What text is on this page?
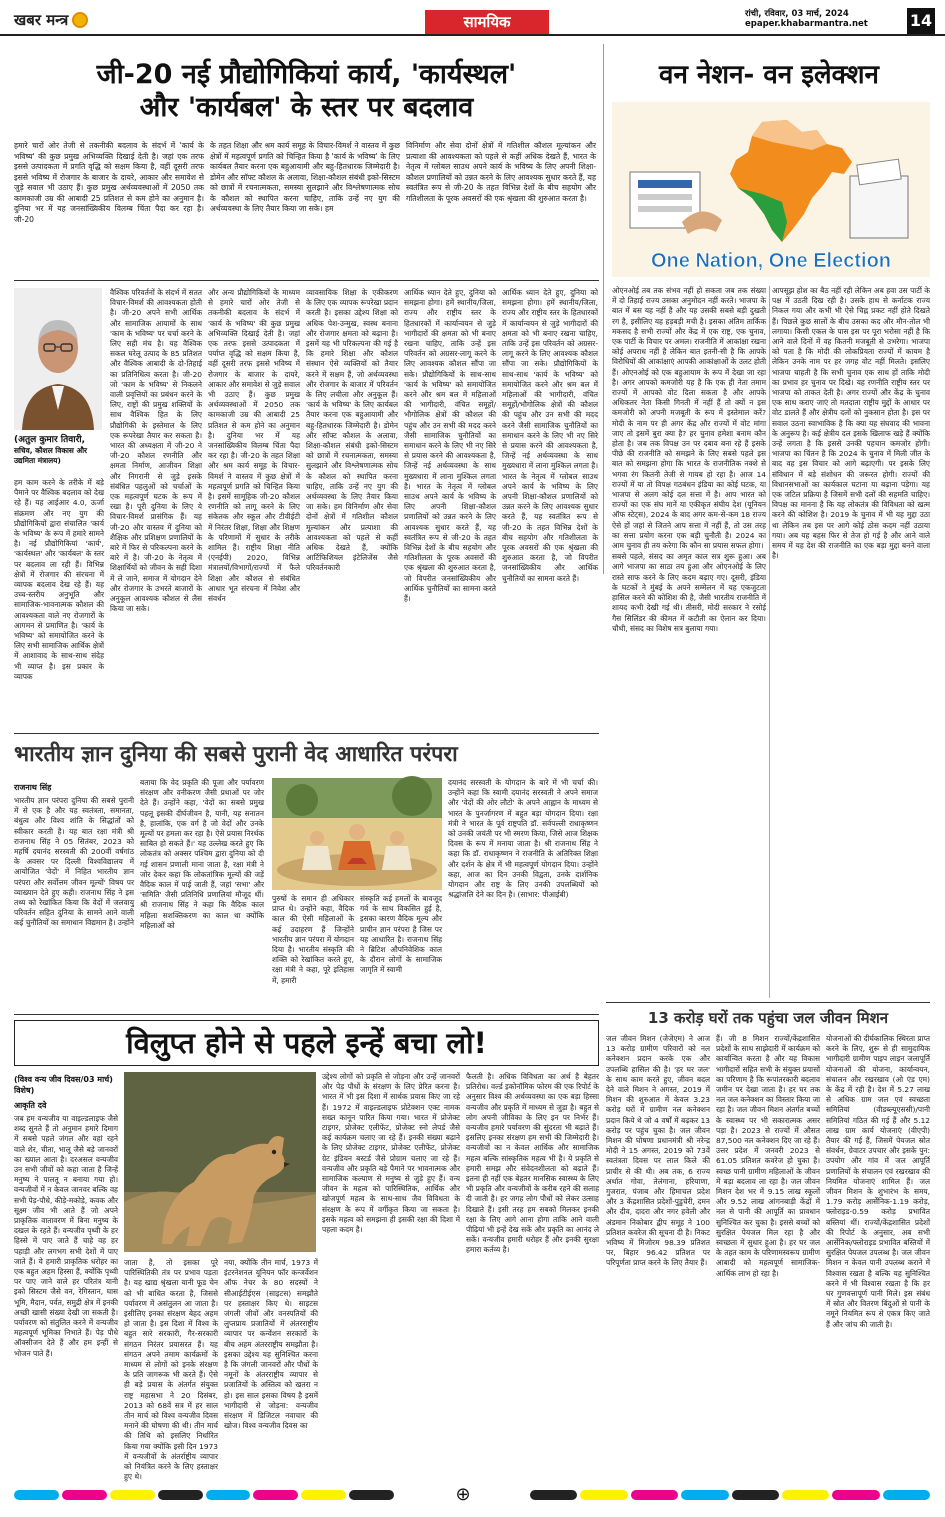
खबर मन्त्र	सामयिक	रांची, रविवार, 03 मार्च, 2024
epaper.khabarmantra.net	14
जी-20 नई प्रौद्योगिकियां कार्य, 'कार्यस्थल'
और 'कार्यबल' के स्तर पर बदलाव
हमारे चारों ओर तेजी से तकनीकी बदलाव के संदर्भ में 'कार्य के भविष्य' की कुछ प्रमुख अभिव्यक्ति दिखाई देती है। जहां एक तरफ इससे उत्पादकता में प्रगति वृद्धि को सक्षम किया है, वहीं दूसरी तरफ इससे भविष्य में रोजगार के बाजार के दायरे, आकार और समावेश से जुड़े सवाल भी उठाए हैं। कुछ प्रमुख अर्थव्यवस्थाओं में 2050 तक कामकाजी उम्र की आबादी 25 प्रतिशत से कम होने का अनुमान है। दुनिया भर में यह जनसांख्यिकीय विलम्ब चिंता पैदा कर रहा है। जी-20
के तहत शिक्षा और श्रम कार्य समूह के विचार-विमर्श ने वास्तव में कुछ क्षेत्रों में महत्वपूर्ण प्रगति को चिन्हित किया है 'कार्य के भविष्य' के लिए कार्यबल तैयार करना एक बहुआयामी और बहु-हितधारक जिम्मेदारी है। डोमेन और सॉफ्ट कौशल के अलावा, शिक्षा-कौशल संबंधी इको-सिस्टम को छात्रों में रचनात्मकता, समस्या सुलझाने और विश्लेषणात्मक सोच के कौशल को स्थापित करना चाहिए, ताकि उन्हें नए युग की अर्थव्यवस्था के लिए तैयार किया जा सके। हम
विनिर्माण और सेवा दोनों क्षेत्रों में गतिशील कौशल मूल्यांकन और प्रत्याशा की आवश्यकता को पहले से कहीं अधिक देखते हैं, भारत के नेतृत्व में ग्लोबल साउथ अपने कार्य के भविष्य के लिए अपनी शिक्षा-कौशल प्रणालियों को उन्नत करने के लिए आवश्यक सुधार करते हैं, यह स्वतंत्रित रूप से जी-20 के तहत विभिन्न देशों के बीच सहयोग और गतिशीलता के पूरक अवसरों की एक श्रृंखला की शुरुआत करता है।
(अतुल कुमार तिवारी,
सचिव, कौशल विकास और उद्यमिता मंत्रालय)
हम काम करने के तरीके में बड़े पैमाने पर वैश्विक बदलाव को देख रहे हैं। यह आईआर 4.0, ऊर्जा संक्रमण और नए युग की प्रौद्योगिकियों द्वारा संचालित 'कार्य के भविष्य' के रूप में हमारे सामने है। नई प्रौद्योगिकियां 'कार्य', 'कार्यस्थल' और 'कार्यबल' के स्तर पर बदलाव ला रही हैं। विभिन्न क्षेत्रों में रोजगार की संरचना में व्यापक बदलाव देख रहे हैं। यह उच्च-स्तरीय अनुभूति और सामाजिक-भावनात्मक कौशल की आवश्यकता वाले नए रोजगारों के आगमन से प्रमाणित है। 'कार्य के भविष्य' को समायोजित करने के लिए सभी सामाजिक आर्थिक क्षेत्रों में आशावाद के साथ-साथ संदेह भी व्याप्त है। इस प्रकार के व्यापक
वैश्विक परिवर्तनों के संदर्भ में सतत विचार-विमर्श की आवश्यकता होती है। जी-20 अपने सभी आर्थिक और सामाजिक आयामों के साथ 'काम के भविष्य' पर चर्चा करने के लिए सही मंच है। यह वैश्विक सकल घरेलू उत्पाद के 85 प्रतिशत और वैश्विक आबादी के दो-तिहाई का प्रतिनिधित्व करता है। जी-20 जो 'काम के भविष्य' से निकलने वाली प्रवृत्तियों का प्रबंधन करने के लिए, राष्ट्रों की प्रमुख शक्तियों के साथ वैश्विक हित के लिए प्रौद्योगिकी के इस्तेमाल के लिए एक रूपरेखा तैयार कर सकता है। भारत की अध्यक्षता में जी-20 ने जी-20 कौशल रणनीति और क्षमता निर्माण, आजीवन शिक्षा और निगरानी से जुड़े इसके संबंधित पहलुओं को चर्चाओं के एक महत्वपूर्ण घटक के रूप में रखा है। पूरी दुनिया के लिए ये विचार-विमर्श प्रासंगिक हैं। यह जी-20 और वास्तव में दुनिया को शैक्षिक और प्रशिक्षण प्रणालियों के बारे में फिर से परिकल्पना करने के बारे में है। जी-20 के नेतृत्व में शिक्षार्थियों को जीवन के सही दिशा में ले जाने, समाज में योगदान देने और रोजगार के उभरते बाजारों के अनुकूल आवश्यक कौशल से लैस किया जा सके।
और अन्य प्रौद्योगिकियों के माध्यम से हमारे चारों ओर तेजी से तकनीकी बदलाव के संदर्भ में 'कार्य के भविष्य' की कुछ प्रमुख अभिव्यक्ति दिखाई देती है। जहां एक तरफ इससे उत्पादकता में पर्याप्त वृद्धि को सक्षम किया है, वहीं दूसरी तरफ इससे भविष्य में रोजगार के बाजार के दायरे, आकार और समावेश से जुड़े सवाल भी उठाए हैं। कुछ प्रमुख अर्थव्यवस्थाओं में 2050 तक कामकाजी उम्र की आबादी 25 प्रतिशत से कम होने का अनुमान है। दुनिया भर में यह जनसांख्यिकीय विलम्ब चिंता पैदा कर रहा है। जी-20 के तहत शिक्षा और श्रम कार्य समूह के विचार-विमर्श ने वास्तव में कुछ क्षेत्रों में महत्वपूर्ण प्रगति को चिन्हित किया है। इसमें सामूहिक जी-20 कौशल रणनीति को लागू करने के लिए संकेतक और स्कूल और टीवीईटी में निरंतर शिक्षा, शिक्षा और शिक्षण के परिणामों में सुधार के तरीके शामिल हैं। राष्ट्रीय शिक्षा नीति (एनईपी) 2020, विभिन्न मंत्रालयों/विभागों/राज्यों में फैले शिक्षा और कौशल से संबंधित आधार भूत संरचना में निवेश और संवर्धन
व्यावसायिक शिक्षा के एकीकरण के लिए एक व्यापक रूपरेखा प्रदान करती है। इसका उद्देश्य शिक्षा को अधिक पेश-उन्मुख, स्वस्थ बनाना और रोजगार क्षमता को बढ़ाना है। इसमें यह भी परिकल्पना की गई है कि हमारे शिक्षा और कौशल संस्थान ऐसे व्यक्तियों को तैयार करने में सक्षम हैं, जो अर्थव्यवस्था और रोजगार के बाजार में परिवर्तन के लिए लचीला और अनुकूल हैं। 'कार्य के भविष्य' के लिए कार्यबल तैयार करना एक बहुआयामी और बहु-हितधारक जिम्मेदारी है। डोमेन और सॉफ्ट कौशल के अलावा, शिक्षा-कौशल संबंधी इको-सिस्टम को छात्रों में रचनात्मकता, समस्या सुलझाने और विश्लेषणात्मक सोच के कौशल को स्थापित करना चाहिए, ताकि उन्हें नए युग की अर्थव्यवस्था के लिए तैयार किया जा सके। हम विनिर्माण और सेवा दोनों क्षेत्रों में गतिशील कौशल मूल्यांकन और प्रत्याशा की आवश्यकता को पहले से कहीं अधिक देखते हैं, क्योंकि आर्टिफिशियल इंटेलिजेंस जैसे परिवर्तनकारी
आर्थिक ध्यान देते हुए, दुनिया को समझना होगा। हमें स्थानीय/जिला, राज्य और राष्ट्रीय स्तर के हितधारकों में कार्यान्वयन से जुड़े भागीदारों की क्षमता को भी बनाए रखना चाहिए, ताकि उन्हें इस परिवर्तन को अग्रसर-लागू करने के लिए आवश्यक कौशल सौंपा जा सके। प्रौद्योगिकियों के साथ-साथ 'कार्य के भविष्य' को समायोजित करने और श्रम बल में महिलाओं की भागीदारी, वंचित समूहों/भौगोलिक क्षेत्रों की कौशल की पहुंच और उन सभी की मदद करने जैसी सामाजिक चुनौतियों का समाधान करने के लिए भी नए सिरे से प्रयास करने की आवश्यकता है, जिन्हें नई अर्थव्यवस्था के साथ मुख्यधारा में लाना मुश्किल लगता है। भारत के नेतृत्व में ग्लोबल साउथ अपने कार्य के भविष्य के लिए अपनी शिक्षा-कौशल प्रणालियों को उन्नत करने के लिए आवश्यक सुधार करते हैं, यह स्वतंत्रित रूप से जी-20 के तहत विभिन्न देशों के बीच सहयोग और गतिशीलता के पूरक अवसरों की एक श्रृंखला की शुरुआत करता है, जो विपरीत जनसांख्यिकीय और आर्थिक चुनौतियों का सामना करते हैं।
आर्थिक ध्यान देते हुए, दुनिया को समझना होगा। हमें स्थानीय/जिला, राज्य और राष्ट्रीय स्तर के हितधारकों में कार्यान्वयन से जुड़े भागीदारों की क्षमता को भी बनाए रखना चाहिए, ताकि उन्हें इस परिवर्तन को अग्रसर-लागू करने के लिए आवश्यक कौशल सौंपा जा सके। प्रौद्योगिकियों के साथ-साथ 'कार्य के भविष्य' को समायोजित करने और श्रम बल में महिलाओं की भागीदारी, वंचित समूहों/भौगोलिक क्षेत्रों की कौशल की पहुंच और उन सभी की मदद करने जैसी सामाजिक चुनौतियों का समाधान करने के लिए भी नए सिरे से प्रयास करने की आवश्यकता है, जिन्हें नई अर्थव्यवस्था के साथ मुख्यधारा में लाना मुश्किल लगता है। भारत के नेतृत्व में ग्लोबल साउथ अपने कार्य के भविष्य के लिए अपनी शिक्षा-कौशल प्रणालियों को उन्नत करने के लिए आवश्यक सुधार करते हैं, यह स्वतंत्रित रूप से जी-20 के तहत विभिन्न देशों के बीच सहयोग और गतिशीलता के पूरक अवसरों की एक श्रृंखला की शुरुआत करता है, जो विपरीत जनसांख्यिकीय और आर्थिक चुनौतियों का सामना करते हैं।
वन नेशन- वन इलेक्शन
One Nation, One Election
ओएनओई तब तक संभव नहीं हो सकता जब तक संख्या में दो तिहाई राज्य उसका अनुमोदन नहीं करते। भाजपा के बात में बस यह नहीं है और यह उसकी सबसे बड़ी दुखती रग है, इसीलिए यह हड़बड़ी मची है। इसका अंतिम तार्किक मकसद है सभी राज्यों और केंद्र में एक राष्ट्र, एक चुनाव, एक पार्टी के विचार पर अमल। राजनीति में आकांक्षा रखना कोई अपराध नहीं है लेकिन बात इतनी-सी है कि आपके विरोधियों की आकांक्षाएं आपकी आकांक्षाओं के उलट होती हैं। ओएनओई को एक बहुआयाम के रूप में देखा जा रहा है। अगर आपको कमजोरी यह है कि एक ही नेता तमाम राज्यों में आपको वोट दिला सकता है और आपके अधिकतर नेता किसी गिनती में नहीं हैं तो क्यों न इस कमजोरी को अपनी मजबूती के रूप में इस्तेमाल करें? मोदी के नाम पर ही अगर केंद्र और राज्यों में वोट मांगा जाए तो इसमें बुरा क्या है? हर चुनाव हमेशा बनाम कौन होता है। जब तक विपक्ष उन पर दबाव बना रहे हैं इसके पीछे की राजनीति को समझने के लिए सबसे पहले इस बात को समझना होगा कि भारत के राजनीतिक नक्शे से भगवा रंग कितनी तेजी से गायब हो रहा है। आज 14 राज्यों में या तो विपक्ष गठबंधन इंडिया का कोई घटक, या भाजपा से अलग कोई दल सत्ता में है। आप भारत को राज्यों का एक संघ मानें या एकीकृत संघीय देश (यूनियन ऑफ स्टेट्स), 2024 के बाद अगर कम-से-कम 18 राज्य ऐसे हों जहां से जितने आप सत्ता में नहीं हैं, तो उस तरह का सत्ता प्रयोग करना एक बड़ी चुनौती है। 2024 का आम चुनाव ही तय करेगा कि कौन सा प्रयास सफल होगा।
सबसे पहले, संसद का अमृत काल सत्र शुरू हुआ। अब आगे भाजपा का साठा तय हुआ और ओएनओई के लिए रास्ते साफ करने के लिए कदम बढ़ाए गए। दूसरी, इंडिया के घटकों ने मुंबई के अपने सम्मेलन में यह एकजुटता हासिल करने की कोशिश की है, जैसी भारतीय राजनीति में शायद कभी देखी गई थी। तीसरी, मोदी सरकार ने रसोई गैस सिलिंडर की कीमत में कटौती का ऐलान कर दिया। चौथी, संसद का विशेष सत्र बुलाया गया।
आपसूझ होश का बैठ नहीं रही लेकिन अब हवा उस पार्टी के पक्ष में उठती दिख रही है। उसके हाथ से कर्नाटक राज्य निकल गया और कभी भी ऐसे चिह्न प्रकट नहीं होते दिखते हैं। पिछले कुछ सालों के बीच उसका कद और मौन-तोल भी लगाया। किसी एकल के पास इस पर पूरा भरोसा नहीं है कि आने वाले दिनों में वह कितनी मजबूती से उभरेगा। भाजपा को पता है कि मोदी की लोकप्रियता राज्यों में कायम है लेकिन उनके नाम पर हर जगह वोट नहीं मिलते। इसलिए भाजपा चाहती है कि सभी चुनाव एक साथ हों ताकि मोदी का प्रभाव हर चुनाव पर दिखे। यह रणनीति राष्ट्रीय स्तर पर भाजपा को ताकत देती है। अगर राज्यों और केंद्र के चुनाव एक साथ कराए जाएं तो मतदाता राष्ट्रीय मुद्दों के आधार पर वोट डालते हैं और क्षेत्रीय दलों को नुकसान होता है। इस पर सवाल उठना स्वाभाविक है कि क्या यह संघवाद की भावना के अनुरूप है। कई क्षेत्रीय दल इसके खिलाफ खड़े हैं क्योंकि उन्हें लगता है कि इससे उनकी पहचान कमजोर होगी। भाजपा का चिंतन है कि 2024 के चुनाव में मिली जीत के बाद वह इस विचार को आगे बढ़ाएगी। पर इसके लिए संविधान में बड़े संशोधन की जरूरत होगी। राज्यों की विधानसभाओं का कार्यकाल घटाना या बढ़ाना पड़ेगा। यह एक जटिल प्रक्रिया है जिसमें सभी दलों की सहमति चाहिए। विपक्ष का मानना है कि यह लोकतंत्र की विविधता को खत्म करने की कोशिश है। 2019 के चुनाव में भी यह मुद्दा उठा था लेकिन तब इस पर आगे कोई ठोस कदम नहीं उठाया गया। अब यह बहस फिर से तेज हो गई है और आने वाले समय में यह देश की राजनीति का एक बड़ा मुद्दा बनने वाला है।
भारतीय ज्ञान दुनिया की सबसे पुरानी वेद आधारित परंपरा
राजनाथ सिंह
भारतीय ज्ञान परंपरा दुनिया की सबसे पुरानी में से एक है और यह स्वतंत्रता, समानता, बंधुत्व और विश्व शांति के सिद्धांतों को स्वीकार करती है। यह बात रक्षा मंत्री श्री राजनाथ सिंह ने 05 सितंबर, 2023 को महर्षि दयानंद सरस्वती की 200वीं वर्षगांठ के अवसर पर दिल्ली विश्वविद्यालय में आयोजित 'वेदों' में निहित भारतीय ज्ञान परंपरा और सर्वोत्तम जीवन मूल्यों' विषय पर व्याख्यान देते हुए कही। राजनाथ सिंह ने इस तथ्य को रेखांकित किया कि वेदों में जलवायु परिवर्तन सहित दुनिया के सामने आने वाली कई चुनौतियों का समाधान विद्यमान है। उन्होंने
बताया कि वेद प्रकृति की पूजा और पर्यावरण संरक्षण और वनीकरण जैसी प्रथाओं पर जोर देते हैं। उन्होंने कहा, 'वेदों का सबसे प्रमुख पहलू इसकी दीर्घजीवन है, यानी, यह सनातन है, हालांकि, एक वर्ग है जो वेदों और उनके मूल्यों पर हमला कर रहा है। ऐसे प्रयास निरर्थक साबित हो सकते हैं।' यह उल्लेख करते हुए कि लोकतंत्र को अक्सर पश्चिम द्वारा दुनिया को दी गई शासन प्रणाली माना जाता है, रक्षा मंत्री ने जोर देकर कहा कि लोकतांत्रिक मूल्यों की जड़ें वैदिक काल में पाई जाती हैं, जहां 'सभा' और 'समिति' जैसी प्रतिनिधि प्रणालियां मौजूद थीं। श्री राजनाथ सिंह ने कहा कि वैदिक काल महिला सशक्तिकरण का काल था क्योंकि महिलाओं को
पुरुषों के समान ही अधिकार प्राप्त थे। उन्होंने कहा, वैदिक काल की ऐसी महिलाओं के कई उदाहरण हैं जिन्होंने भारतीय ज्ञान परंपरा में योगदान दिया है। भारतीय संस्कृति की शक्ति को रेखांकित करते हुए, रक्षा मंत्री ने कहा, पूरे इतिहास में, हमारी
संस्कृति कई हमलों के बावजूद गर्व के साथ विकसित हुई है, इसका कारण वैदिक मूल्य और प्राचीन ज्ञान परंपरा है जिस पर यह आधारित है। राजनाथ सिंह ने ब्रिटिश औपनिवेशिक काल के दौरान लोगों के सामाजिक जागृति में स्वामी
दयानंद सरस्वती के योगदान के बारे में भी चर्चा की। उन्होंने कहा कि स्वामी दयानंद सरस्वती ने अपने समाज और 'वेदों की ओर लौटो' के अपने आह्वान के माध्यम से भारत के पुनर्जागरण में बहुत बड़ा योगदान दिया। रक्षा मंत्री ने भारत के पूर्व राष्ट्रपति डॉ. सर्वपल्ली राधाकृष्णन को उनकी जयंती पर भी स्मरण किया, जिसे आज शिक्षक दिवस के रूप में मनाया जाता है। श्री राजनाथ सिंह ने कहा कि डॉ. राधाकृष्णन ने राजनीति के अतिरिक्त शिक्षा और दर्शन के क्षेत्र में भी महत्वपूर्ण योगदान दिया। उन्होंने कहा, आज का दिन उनकी विद्वता, उनके दार्शनिक योगदान और राष्ट्र के लिए उनकी उपलब्धियों को श्रद्धांजलि देने का दिन है। (साभार: पीआईबी)
13 करोड़ घरों तक पहुंचा जल जीवन मिशन
जल जीवन मिशन (जेजेएम) ने आज 13 करोड़ ग्रामीण परिवारों को नल कनेक्शन प्रदान करके एक और उपलब्धि हासिल की है। 'हर घर जल' के साथ काम करते हुए, जीवन बदल देने वाले मिशन ने अगस्त, 2019 में मिशन की शुरुआत में केवल 3.23 करोड़ घरों में ग्रामीण नल कनेक्शन प्रदान किये थे जो 4 वर्षों में बढ़कर 13 करोड़ पर पहुंच चुका है। जल जीवन मिशन की घोषणा प्रधानमंत्री श्री नरेन्द्र मोदी ने 15 अगस्त, 2019 को 73वें स्वतंत्रता दिवस पर लाल किले की प्राचीर से की थी। अब तक, 6 राज्य अर्थात गोवा, तेलंगाना, हरियाणा, गुजरात, पंजाब और हिमाचल प्रदेश और 3 केंद्रशासित प्रदेशों-पुडुचेरी, दमन और दीव, दादरा और नगर हवेली और अंडमान निकोबार द्वीप समूह ने 100 प्रतिशत कवरेज की सूचना दी है। निकट भविष्य में मिजोरम 98.39 प्रतिशत पर, बिहार 96.42 प्रतिशत पर परिपूर्णता प्राप्त करने के लिए तैयार हैं।
हैं। जी 8 मिशन राज्यों/केंद्रशासित प्रदेशों के साथ साझेदारी में कार्यक्रम को कार्यान्वित करता है और यह विकास भागीदारों सहित सभी के संयुक्त प्रयासों का परिणाम है कि रूपांतरकारी बदलाव जमीन पर देखा जाता है। हर घर तक नल जल कनेक्शन का विस्तार किया जा रहा है। जल जीवन मिशन अंतर्गत बच्चों के स्वास्थ्य पर भी सकारात्मक असर पड़ा है। 2023 से राज्यों में औसत 87,500 नल कनेक्शन दिए जा रहे हैं। उत्तर प्रदेश में जनवरी 2023 से 61.05 प्रतिशत कवरेज हो चुका है। स्वच्छ पानी ग्रामीण महिलाओं के जीवन में बड़ा बदलाव ला रहा है। जल जीवन मिशन देश भर में 9.15 लाख स्कूलों और 9.52 लाख आंगनबाड़ी केंद्रों में नल से पानी की आपूर्ति का प्रावधान सुनिश्चित कर चुका है। इससे बच्चों को सुरक्षित पेयजल मिल रहा है और स्वच्छता में सुधार हुआ है। हर घर जल के तहत काम के परिणामस्वरूप ग्रामीण आबादी को महत्वपूर्ण सामाजिक-आर्थिक लाभ हो रहा है।
योजनाओं की दीर्घकालिक स्थिरता प्राप्त करने के लिए, शुरू से ही सामुदायिक भागीदारी ग्रामीण पाइप लाइन जलापूर्ति योजनाओं की योजना, कार्यान्वयन, संचालन और रखरखाव (ओ एंड एम) के केंद्र में रही है। देश में 5.27 लाख से अधिक ग्राम जल एवं स्वच्छता समितियां (वीडब्ल्यूएससी)/पानी समितियां गठित की गई हैं और 5.12 लाख ग्राम कार्य योजनाएं (वीएपी) तैयार की गई हैं, जिसमें पेयजल स्रोत संवर्धन, ग्रेवाटर उपचार और इसके पुन: उपयोग और गांव में जल आपूर्ति प्रणालियों के संचालन एवं रखरखाव की नियमित योजनाएं शामिल हैं। जल जीवन मिशन के शुभारंभ के समय, 1.79 करोड़ आर्सेनिक-1.19 करोड़, फ्लोराइड-0.59 करोड़ प्रभावित बस्तियां थीं। राज्यों/केंद्रशासित प्रदेशों की रिपोर्ट के अनुसार, अब सभी आर्सेनिक/फ्लोराइड प्रभावित बस्तियों में सुरक्षित पेयजल उपलब्ध है। जल जीवन मिशन न केवल पानी उपलब्ध कराने में विश्वास रखता है बल्कि यह सुनिश्चित करने में भी विश्वास रखता है कि हर घर गुणवत्तापूर्ण पानी मिले। इस संबंध में स्रोत और वितरण बिंदुओं से पानी के नमूने नियमित रूप से एकत्र किए जाते हैं और जांच की जाती है।
विलुप्त होने से पहले इन्हें बचा लो!
(विश्व वन्य जीव दिवस/03 मार्च) विशेष)
आकृति दवे
जब हम वन्यजीव या वाइल्डलाइफ जैसे शब्द सुनते हैं तो अनुमान हमारे दिमाग में सबसे पहले जंगल और वहां रहने वाले शेर, चीता, भालू जैसे बड़े जानवरों का ख्याल आता है। दरअसल वन्यजीव उन सभी जीवों को कहा जाता है जिन्हें मनुष्य ने पालतू न बनाया गया हो। वन्यजीवों में न केवल जानवर बल्कि वह सभी पेड़-पौधे, कीड़े-मकोड़े, कवक और सूक्ष्म जीव भी आते हैं जो अपने प्राकृतिक वातावरण में बिना मनुष्य के दखल के रहते हैं। वन्यजीव पृथ्वी के हर हिस्से में पाए जाते हैं चाहे वह हर पहाड़ी और लगभग सभी देशों में पाए जाते हैं। ये हमारी प्राकृतिक धरोहर का एक बहुत अहम हिस्सा हैं, क्योंकि पृथ्वी पर पाए जाने वाले हर परितंत्र यानी इको सिस्टम जैसे वन, रेगिस्तान, घास भूमि, मैदान, पर्वत, समुद्री क्षेत्र में इनकी अच्छी खासी संख्या देखी जा सकती है। पर्यावरण को संतुलित करने में वन्यजीव महत्वपूर्ण भूमिका निभाते हैं। पेड़ पौधे ऑक्सीजन देते हैं और हम इन्हीं से भोजन पाते हैं।
जाता है, तो इसका पूरे पारिस्थितिकी तंत्र पर प्रभाव पड़ता है। यह खाद्य श्रृंखला यानी फूड चेन को भी बाधित करता है, जिससे पर्यावरण में असंतुलन आ जाता है। इसीलिए इनका संरक्षण बेहद अहम हो जाता है। इस दिशा में विश्व के बहुत सारे सरकारी, गैर-सरकारी संगठन निरंतर प्रयासरत हैं। यह संगठन अपने तमाम कार्यक्रमों के माध्यम से लोगों को इनके संरक्षण के प्रति जागरूक भी करते हैं। ऐसे ही बड़े प्रयास के अंतर्गत संयुक्त राष्ट्र महासभा ने 20 दिसंबर, 2013 को 68वें सत्र में हर साल तीन मार्च को विश्व वन्यजीव दिवस मनाने की घोषणा की थी। तीन मार्च की तिथि को इसलिए निर्धारित किया गया क्योंकि इसी दिन 1973 में वन्यजीवों के अंतर्राष्ट्रीय व्यापार को नियंत्रित करने के लिए हस्ताक्षर हुए थे।
नया, क्योंकि तीन मार्च, 1973 में इंटरनेशनल यूनियन फॉर कन्जर्वेशन ऑफ नेचर के 80 सदस्यों ने सीआईटीईएस (साइटस) समझौते पर हस्ताक्षर किए थे। साइटस जंगली जीवों और वनस्पतियों की लुप्तप्राय प्रजातियों में अंतरराष्ट्रीय व्यापार पर कन्वेंशन सरकारों के बीच अहम अंतरराष्ट्रीय समझौता है। इसका उद्देश्य यह सुनिश्चित करना है कि जंगली जानवरों और पौधों के नमूनों के अंतरराष्ट्रीय व्यापार से प्रजातियों के अस्तित्व को खतरा न हो। इस साल इसका विषय है इसमें भागीदारी से जोड़ना: वन्यजीव संरक्षण में डिजिटल नवाचार की खोज। विश्व वन्यजीव दिवस का
उद्देश्य लोगों को प्रकृति से जोड़ना और उन्हें जानवरों और पेड़ पौधों के संरक्षण के लिए प्रेरित करना है। भारत में भी इस दिशा में सार्थक प्रयास किए जा रहे हैं। 1972 में वाइल्डलाइफ प्रोटेक्शन एक्ट नामक सख्त कानून पारित किया गया। भारत में प्रोजेक्ट टाइगर, प्रोजेक्ट एलीफेंट, प्रोजेक्ट स्नो लेपर्ड जैसे कई कार्यक्रम चलाए जा रहे हैं। इनकी संख्या बढ़ाने के लिए प्रोजेक्ट टाइगर, प्रोजेक्ट एलीफेंट, प्रोजेक्ट ग्रेट इंडियन बस्टर्ड जैसे प्रोग्राम चलाए जा रहे हैं। वन्यजीव और प्रकृति बड़े पैमाने पर भावनात्मक और सामाजिक कल्याण से मनुष्य से जुड़े हुए हैं। वन्य जीवन के महत्व को पारिस्थितिक, आर्थिक और खोजपूर्ण महत्व के साथ-साथ जैव विविधता के संरक्षण के रूप में वर्गीकृत किया जा सकता है। इसके महत्व को समझना ही इसकी रक्षा की दिशा में पहला कदम है।
फैलती है। अधिक विविधता का अर्थ है बेहतर प्रतिरोध। वर्ल्ड इकोनॉमिक फोरम की एक रिपोर्ट के अनुसार विश्व की अर्थव्यवस्था का एक बड़ा हिस्सा वन्यजीव और प्रकृति में माध्यम से जुड़ा है। बहुत से लोग अपनी जीविका के लिए इन पर निर्भर हैं। वन्यजीव हमारे पर्यावरण की सुंदरता भी बढ़ाते हैं। इसलिए इनका संरक्षण हम सभी की जिम्मेदारी है। वन्यजीवों का न केवल आर्थिक और सामाजिक महत्व बल्कि सांस्कृतिक महत्व भी है। ये प्रकृति से हमारी समझ और संवेदनशीलता को बढ़ाते हैं। इतना ही नहीं एक बेहतर मानसिक स्वास्थ्य के लिए भी प्रकृति और वन्यजीवों के करीब रहने की सलाह दी जाती है। हर जगह लोग पौधों को लेकर उत्साह दिखाते हैं। इसी तरह हम सबको मिलकर इनकी रक्षा के लिए आगे आना होगा ताकि आने वाली पीढ़ियां भी इन्हें देख सकें और प्रकृति का आनंद ले सकें। वन्यजीव हमारी धरोहर हैं और इनकी सुरक्षा हमारा कर्तव्य है।
⊕
